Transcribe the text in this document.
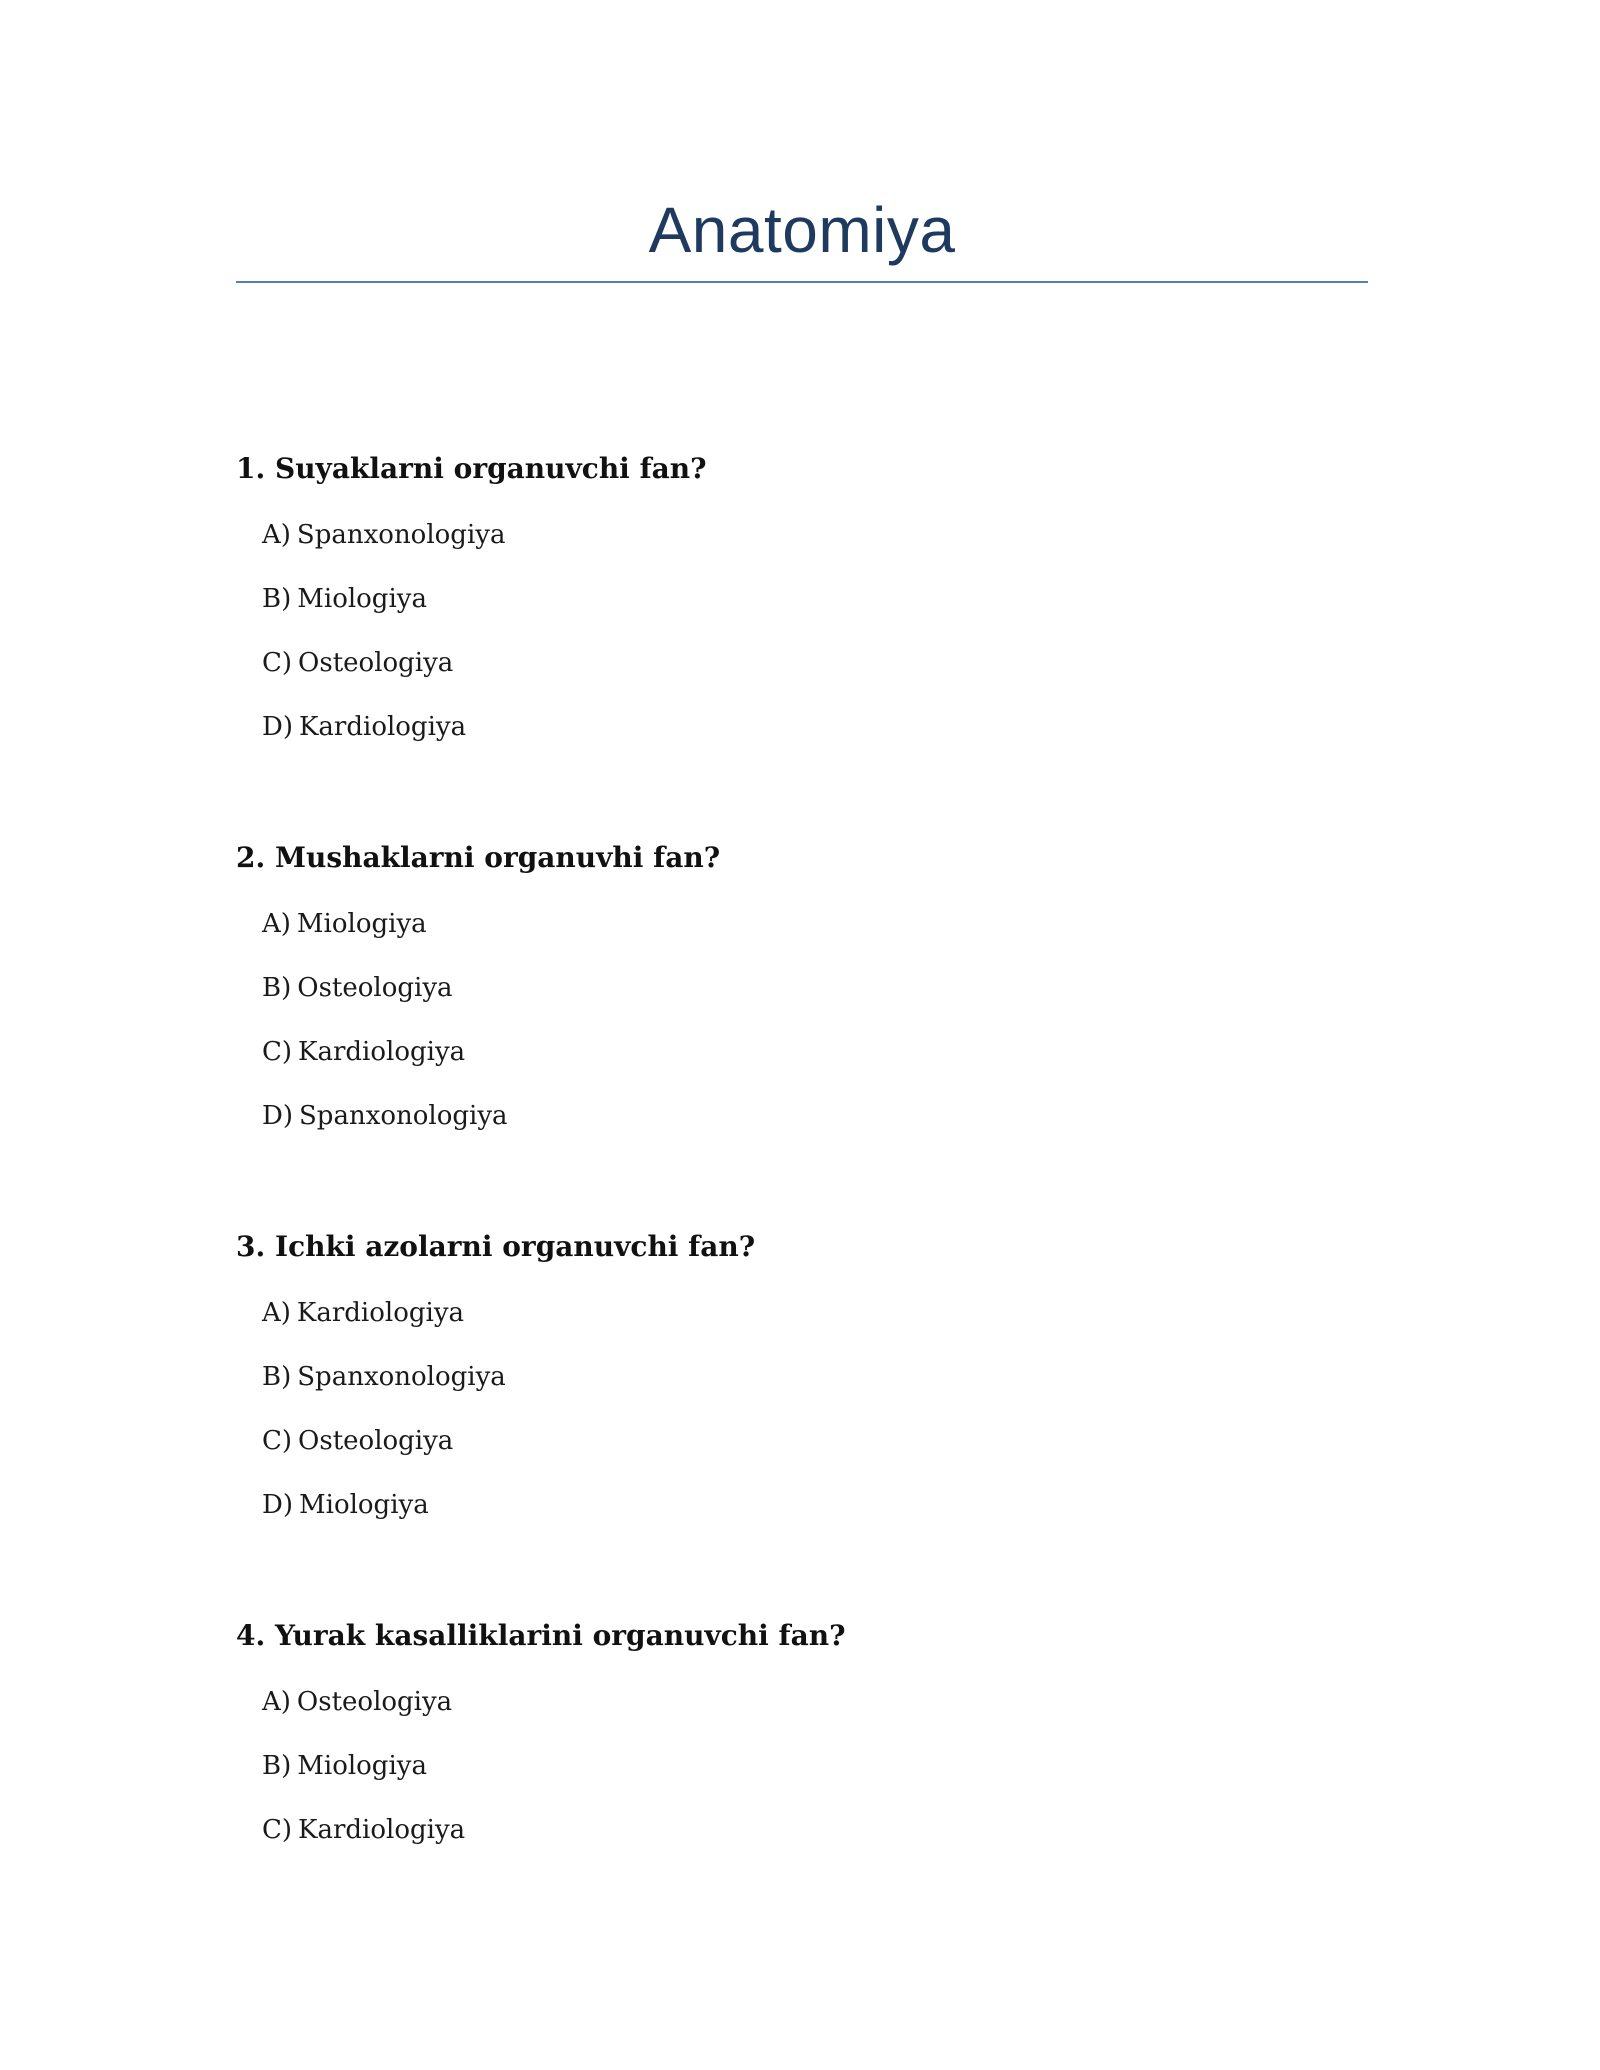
Anatomiya

1. Suyaklarni organuvchi fan?

A) Spanxonologiya

B) Miologiya

C) Osteologiya

D) Kardiologiya

2. Mushaklarni organuvhi fan?

A) Miologiya

B) Osteologiya

C) Kardiologiya

D) Spanxonologiya

3. Ichki azolarni organuvchi fan?

A) Kardiologiya

B) Spanxonologiya

C) Osteologiya

D) Miologiya

4. Yurak kasalliklarini organuvchi fan?

A) Osteologiya

B) Miologiya

C) Kardiologiya
